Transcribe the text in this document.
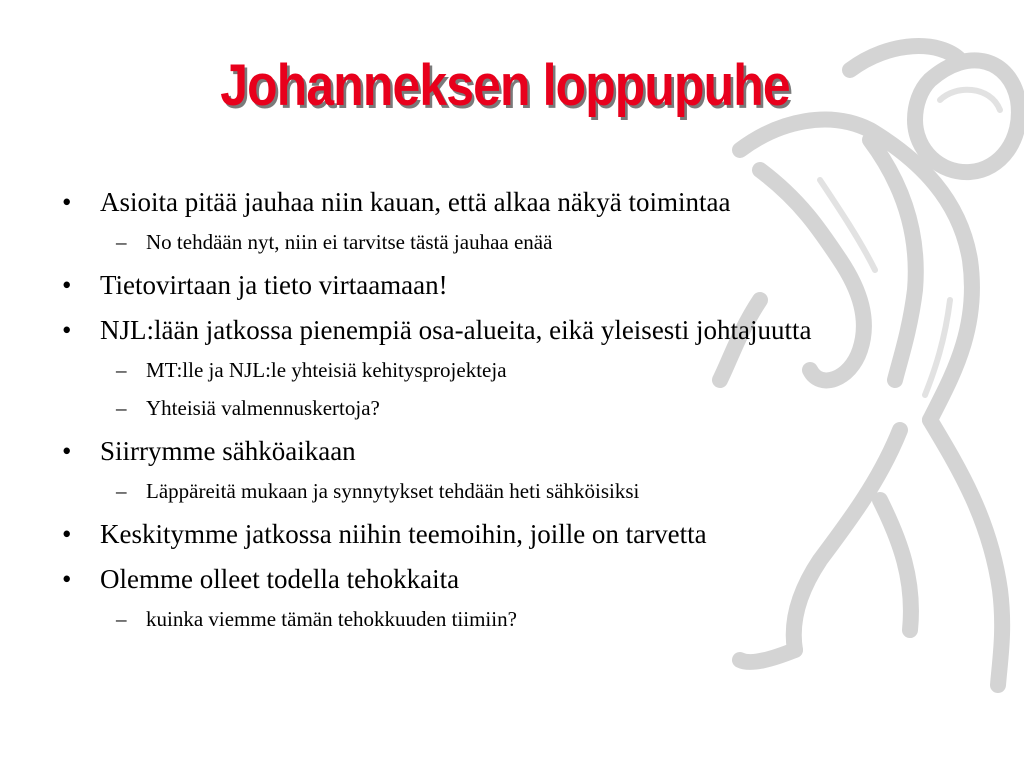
Johanneksen loppupuhe
• Asioita pitää jauhaa niin kauan, että alkaa näkyä toimintaa
– No tehdään nyt, niin ei tarvitse tästä jauhaa enää
• Tietovirtaan ja tieto virtaamaan!
• NJL:lään jatkossa pienempiä osa-alueita, eikä yleisesti johtajuutta
– MT:lle ja NJL:le yhteisiä kehitysprojekteja
– Yhteisiä valmennuskertoja?
• Siirrymme sähköaikaan
– Läppäreitä mukaan ja synnytykset tehdään heti sähköisiksi
• Keskitymme jatkossa niihin teemoihin, joille on tarvetta
• Olemme olleet todella tehokkaita
– kuinka viemme tämän tehokkuuden tiimiin?
